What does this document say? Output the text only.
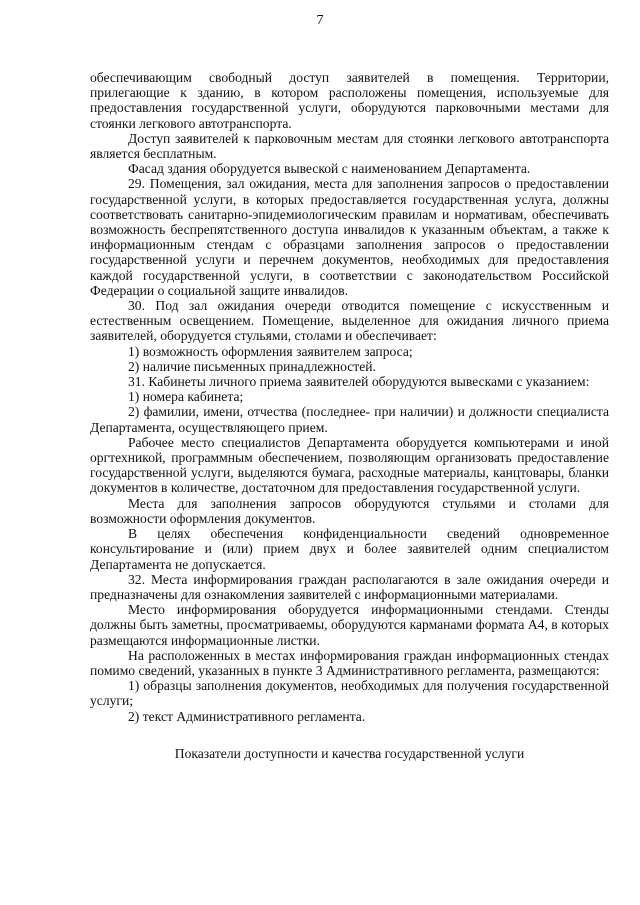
7

обеспечивающим свободный доступ заявителей в помещения. Территории, прилегающие к зданию, в котором расположены помещения, используемые для предоставления государственной услуги, оборудуются парковочными местами для стоянки легкового автотранспорта.

Доступ заявителей к парковочным местам для стоянки легкового автотранспорта является бесплатным.

Фасад здания оборудуется вывеской с наименованием Департамента.

29. Помещения, зал ожидания, места для заполнения запросов о предоставлении государственной услуги, в которых предоставляется государственная услуга, должны соответствовать санитарно-эпидемиологическим правилам и нормативам, обеспечивать возможность беспрепятственного доступа инвалидов к указанным объектам, а также к информационным стендам с образцами заполнения запросов о предоставлении государственной услуги и перечнем документов, необходимых для предоставления каждой государственной услуги, в соответствии с законодательством Российской Федерации о социальной защите инвалидов.

30. Под зал ожидания очереди отводится помещение с искусственным и естественным освещением. Помещение, выделенное для ожидания личного приема заявителей, оборудуется стульями, столами и обеспечивает:

1) возможность оформления заявителем запроса;

2) наличие письменных принадлежностей.

31. Кабинеты личного приема заявителей оборудуются вывесками с указанием:

1) номера кабинета;

2) фамилии, имени, отчества (последнее- при наличии) и должности специалиста Департамента, осуществляющего прием.

Рабочее место специалистов Департамента оборудуется компьютерами и иной оргтехникой, программным обеспечением, позволяющим организовать предоставление государственной услуги, выделяются бумага, расходные материалы, канцтовары, бланки документов в количестве, достаточном для предоставления государственной услуги.

Места для заполнения запросов оборудуются стульями и столами для возможности оформления документов.

В целях обеспечения конфиденциальности сведений одновременное консультирование и (или) прием двух и более заявителей одним специалистом Департамента не допускается.

32. Места информирования граждан располагаются в зале ожидания очереди и предназначены для ознакомления заявителей с информационными материалами.

Место информирования оборудуется информационными стендами. Стенды должны быть заметны, просматриваемы, оборудуются карманами формата А4, в которых размещаются информационные листки.

На расположенных в местах информирования граждан информационных стендах помимо сведений, указанных в пункте 3 Административного регламента, размещаются:

1) образцы заполнения документов, необходимых для получения государственной услуги;

2) текст Административного регламента.

Показатели доступности и качества государственной услуги
